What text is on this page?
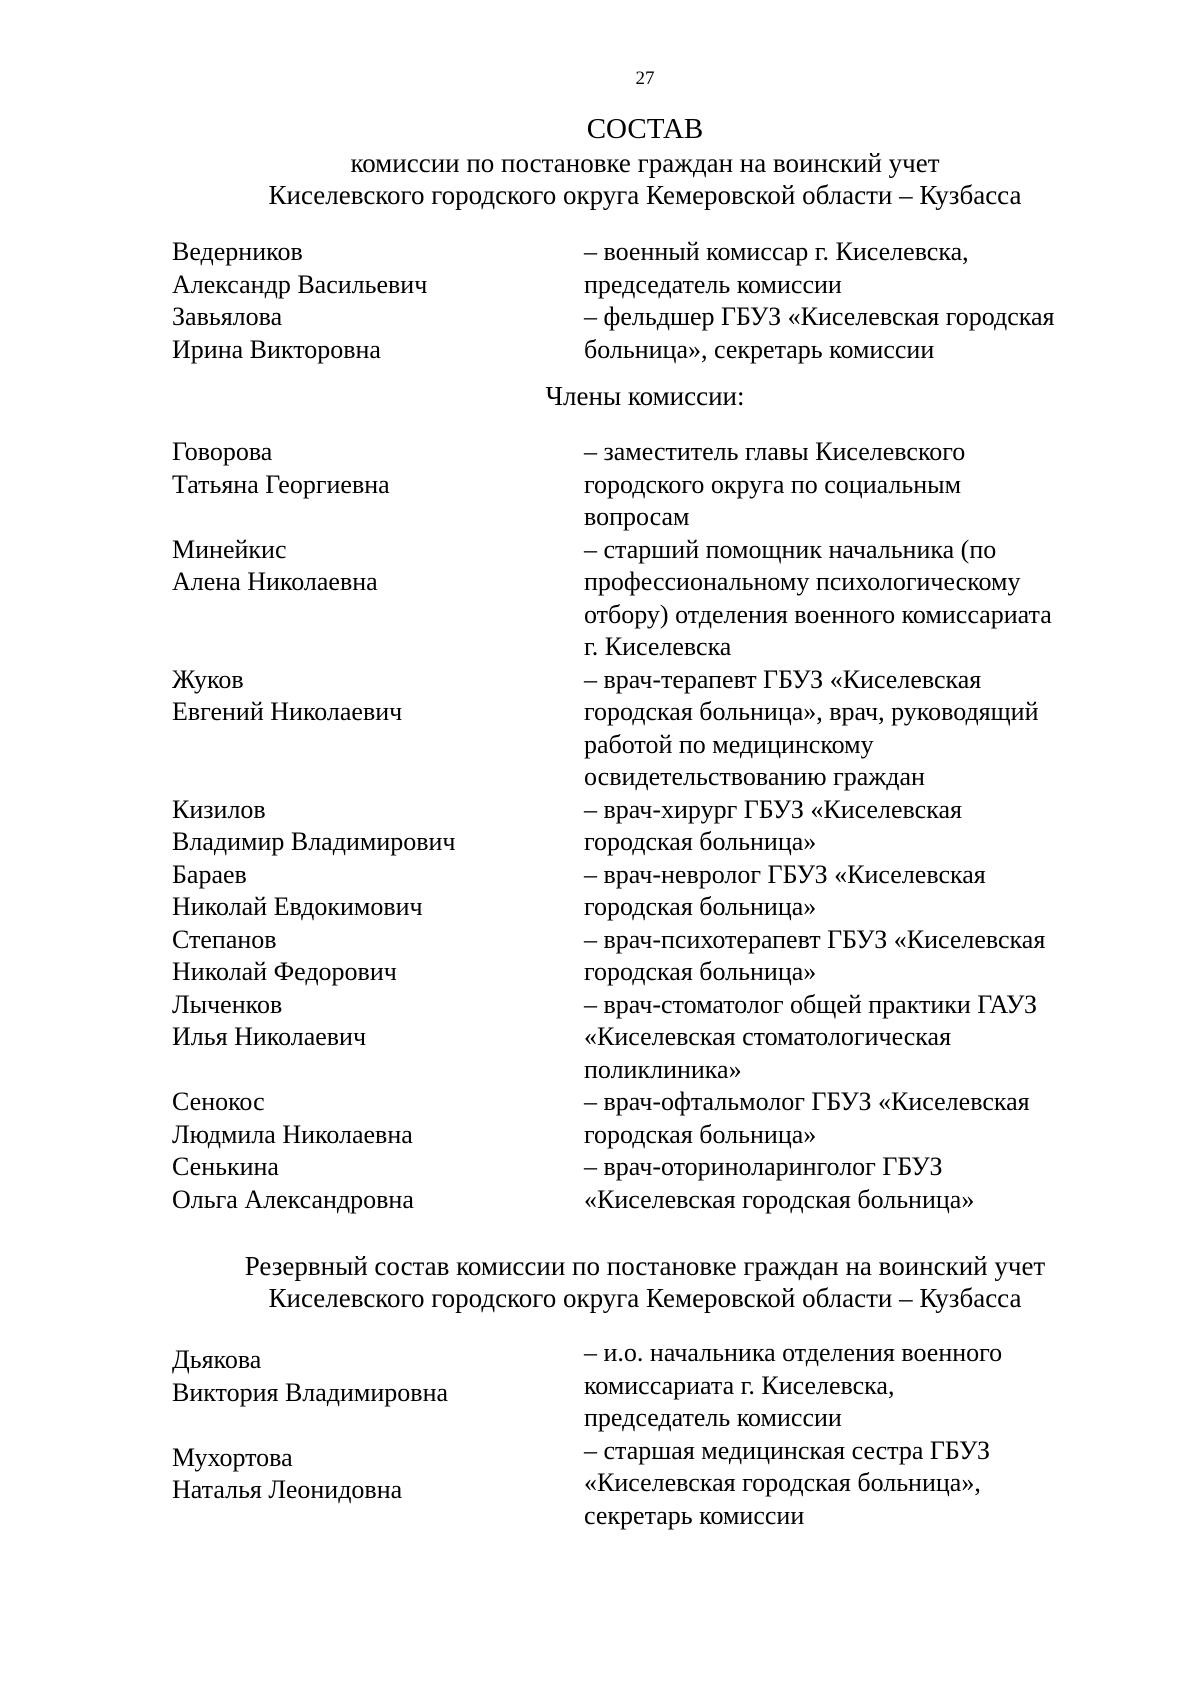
27
СОСТАВ
комиссии по постановке граждан на воинский учет
Киселевского городского округа Кемеровской области – Кузбасса
Ведерников
Александр Васильевич
– военный комиссар г. Киселевска,
председатель комиссии
Завьялова
Ирина Викторовна
– фельдшер ГБУЗ «Киселевская городская
больница», секретарь комиссии
Члены комиссии:
Говорова
Татьяна Георгиевна
– заместитель главы Киселевского
городского округа по социальным
вопросам
Минейкис
Алена Николаевна
– старший помощник начальника (по
профессиональному психологическому
отбору) отделения военного комиссариата
г. Киселевска
Жуков
Евгений Николаевич
– врач-терапевт ГБУЗ «Киселевская
городская больница», врач, руководящий
работой по медицинскому
освидетельствованию граждан
Кизилов
Владимир Владимирович
– врач-хирург ГБУЗ «Киселевская
городская больница»
Бараев
Николай Евдокимович
– врач-невролог ГБУЗ «Киселевская
городская больница»
Степанов
Николай Федорович
– врач-психотерапевт ГБУЗ «Киселевская
городская больница»
Лыченков
Илья Николаевич
– врач-стоматолог общей практики ГАУЗ
«Киселевская стоматологическая
поликлиника»
Сенокос
Людмила Николаевна
– врач-офтальмолог ГБУЗ «Киселевская
городская больница»
Сенькина
Ольга Александровна
– врач-оториноларинголог ГБУЗ
«Киселевская городская больница»
Резервный состав комиссии по постановке граждан на воинский учет
Киселевского городского округа Кемеровской области – Кузбасса
Дьякова
Виктория Владимировна
– и.о. начальника отделения военного
комиссариата г. Киселевска,
председатель комиссии
Мухортова
Наталья Леонидовна
– старшая медицинская сестра ГБУЗ
«Киселевская городская больница»,
секретарь комиссии
